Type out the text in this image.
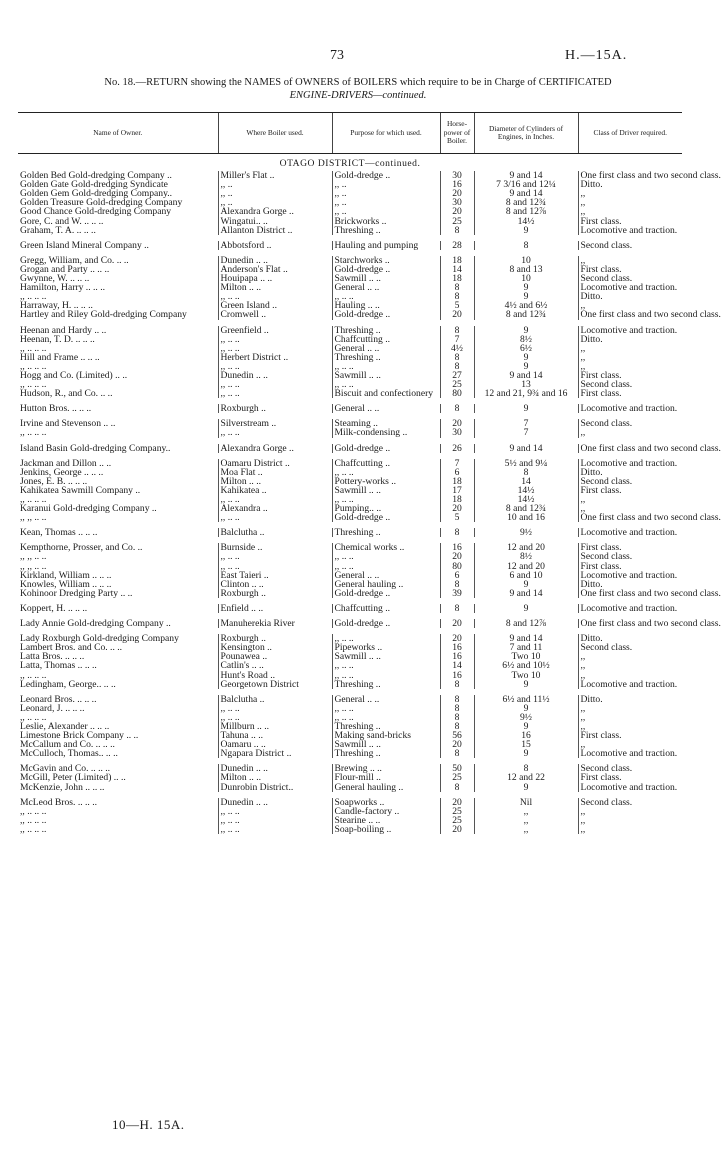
73	H.—15A.
No. 18.—RETURN showing the NAMES of OWNERS of BOILERS which require to be in Charge of CERTIFICATED
ENGINE-DRIVERS—continued.
Name of Owner.	Where Boiler used.	Purpose for which used.	Horse-power of Boiler.	Diameter of Cylinders of Engines, in Inches.	Class of Driver required.
OTAGO DISTRICT—continued.					
Golden Bed Gold-dredging Company ..	Miller's Flat ..	Gold-dredge ..	30	9 and 14	One first class and two second class.
Golden Gate Gold-dredging Syndicate	,, ..	,, ..	16	7 3/16 and 12¼	Ditto.
Golden Gem Gold-dredging Company..	,, ..	,, ..	20	9 and 14	,,
Golden Treasure Gold-dredging Company	,, ..	,, ..	30	8 and 12¾	,,
Good Chance Gold-dredging Company	Alexandra Gorge ..	,, ..	20	8 and 12⅞	,,
Gore, C. and W. .. .. ..	Wingatui.. ..	Brickworks ..	25	14½	First class.
Graham, T. A. .. .. ..	Allanton District ..	Threshing ..	8	9	Locomotive and traction.

Green Island Mineral Company ..	Abbotsford ..	Hauling and pumping	28	8	Second class.

Gregg, William, and Co. .. ..	Dunedin .. ..	Starchworks ..	18	10	,,
Grogan and Party .. .. ..	Anderson's Flat ..	Gold-dredge ..	14	8 and 13	First class.
Gwynne, W. .. .. ..	Houipapa .. ..	Sawmill .. ..	18	10	Second class.
Hamilton, Harry .. .. ..	Milton .. ..	General .. ..	8	9	Locomotive and traction.
,, .. .. ..	,, .. ..	,, .. ..	8	9	Ditto.
Harraway, H. .. .. ..	Green Island ..	Hauling .. ..	5	4½ and 6½	,,
Hartley and Riley Gold-dredging Company	Cromwell ..	Gold-dredge ..	20	8 and 12¾	One first class and two second class.

Heenan and Hardy .. ..	Greenfield ..	Threshing ..	8	9	Locomotive and traction.
Heenan, T. D. .. .. ..	,, .. ..	Chaffcutting ..	7	8½	Ditto.
,, .. .. ..	,, .. ..	General .. ..	4½	6½	,,
Hill and Frame .. .. ..	Herbert District ..	Threshing ..	8	9	,,
,, .. .. ..	,, .. ..	,, .. ..	8	9	,,
Hogg and Co. (Limited) .. ..	Dunedin .. ..	Sawmill .. ..	27	9 and 14	First class.
,, .. .. ..	,, .. ..	,, .. ..	25	13	Second class.
Hudson, R., and Co. .. ..	,, .. ..	Biscuit and confectionery	80	12 and 21, 9¾ and 16	First class.

Hutton Bros. .. .. ..	Roxburgh ..	General .. ..	8	9	Locomotive and traction.

Irvine and Stevenson .. ..	Silverstream ..	Steaming ..	20	7	Second class.
,, .. .. ..	,, .. ..	Milk-condensing ..	30	7	,,

Island Basin Gold-dredging Company..	Alexandra Gorge ..	Gold-dredge ..	26	9 and 14	One first class and two second class.

Jackman and Dillon .. ..	Oamaru District ..	Chaffcutting ..	7	5½ and 9¼	Locomotive and traction.
Jenkins, George .. .. ..	Moa Flat ..	,, .. ..	6	8	Ditto.
Jones, E. B. .. .. ..	Milton .. ..	Pottery-works ..	18	14	Second class.
Kahikatea Sawmill Company ..	Kahikatea ..	Sawmill .. ..	17	14½	First class.
,, .. .. ..	,, .. ..	,, .. ..	18	14½	,,
Karanui Gold-dredging Company ..	Alexandra ..	Pumping.. ..	20	8 and 12¾	,,
,, ,, .. ..	,, .. ..	Gold-dredge ..	5	10 and 16	One first class and two second class.

Kean, Thomas .. .. ..	Balclutha ..	Threshing ..	8	9½	Locomotive and traction.

Kempthorne, Prosser, and Co. ..	Burnside ..	Chemical works ..	16	12 and 20	First class.
,, ,, .. ..	,, .. ..	,, .. ..	20	8½	Second class.
,, ,, .. ..	,, .. ..	,, .. ..	80	12 and 20	First class.
Kirkland, William .. .. ..	East Taieri ..	General .. ..	6	6 and 10	Locomotive and traction.
Knowles, William .. .. ..	Clinton .. ..	General hauling ..	8	9	Ditto.
Kohinoor Dredging Party .. ..	Roxburgh ..	Gold-dredge ..	39	9 and 14	One first class and two second class.

Koppert, H. .. .. ..	Enfield .. ..	Chaffcutting ..	8	9	Locomotive and traction.

Lady Annie Gold-dredging Company ..	Manuherekia River	Gold-dredge ..	20	8 and 12⅞	One first class and two second class.

Lady Roxburgh Gold-dredging Company	Roxburgh ..	,, .. ..	20	9 and 14	Ditto.
Lambert Bros. and Co. .. ..	Kensington ..	Pipeworks ..	16	7 and 11	Second class.
Latta Bros. .. .. ..	Pounawea ..	Sawmill .. ..	16	Two 10	,,
Latta, Thomas .. .. ..	Catlin's .. ..	,, .. ..	14	6½ and 10½	,,
,, .. .. ..	Hunt's Road ..	,, .. ..	16	Two 10	,,
Ledingham, George.. .. ..	Georgetown District	Threshing ..	8	9	Locomotive and traction.

Leonard Bros. .. .. ..	Balclutha ..	General .. ..	8	6½ and 11½	Ditto.
Leonard, J. .. .. ..	,, .. ..	,, .. ..	8	9	,,
,, .. .. ..	,, .. ..	,, .. ..	8	9½	,,
Leslie, Alexander .. .. ..	Millburn .. ..	Threshing ..	8	9	,,
Limestone Brick Company .. ..	Tahuna .. ..	Making sand-bricks	56	16	First class.
McCallum and Co. .. .. ..	Oamaru .. ..	Sawmill .. ..	20	15	,,
McCulloch, Thomas.. .. ..	Ngapara District ..	Threshing ..	8	9	Locomotive and traction.

McGavin and Co. .. .. ..	Dunedin .. ..	Brewing .. ..	50	8	Second class.
McGill, Peter (Limited) .. ..	Milton .. ..	Flour-mill ..	25	12 and 22	First class.
McKenzie, John .. .. ..	Dunrobin District..	General hauling ..	8	9	Locomotive and traction.

McLeod Bros. .. .. ..	Dunedin .. ..	Soapworks ..	20	Nil	Second class.
,, .. .. ..	,, .. ..	Candle-factory ..	25	,,	,,
,, .. .. ..	,, .. ..	Stearine .. ..	25	,,	,,
,, .. .. ..	,, .. ..	Soap-boiling ..	20	,,	,,
10—H. 15A.
